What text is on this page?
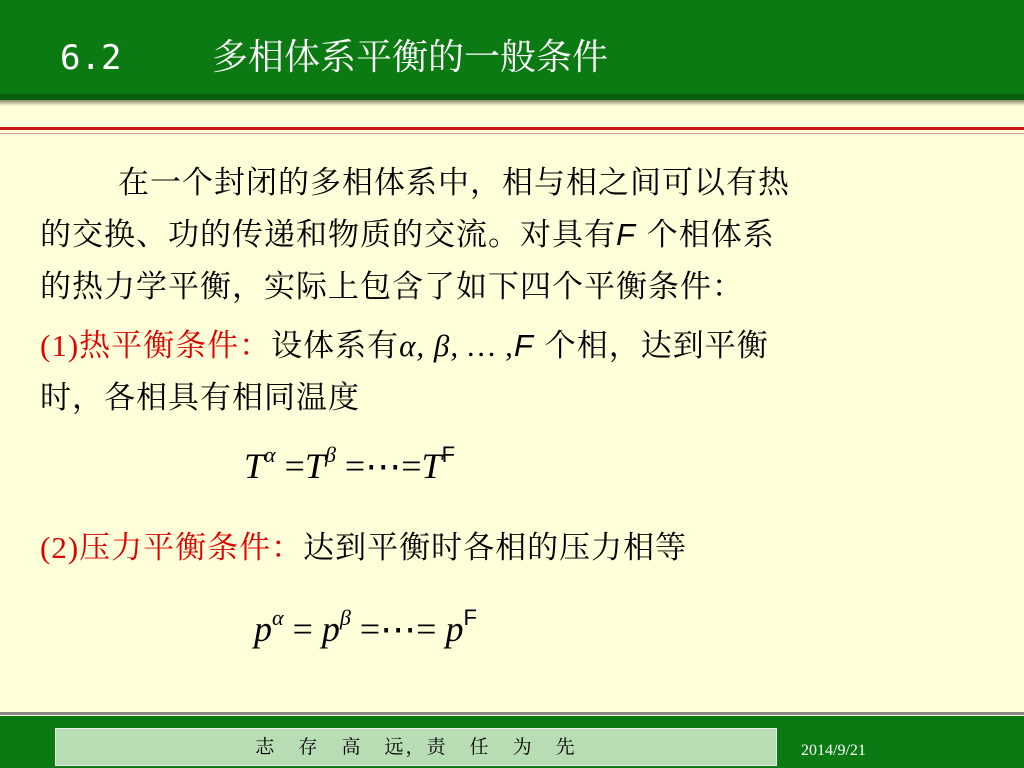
6.2	多相体系平衡的一般条件
在一个封闭的多相体系中，相与相之间可以有热
的交换、功的传递和物质的交流。对具有F 个相体系
的热力学平衡，实际上包含了如下四个平衡条件：
(1)热平衡条件：设体系有α, β, … ,F 个相，达到平衡
时，各相具有相同温度
$T^\alpha =T^\beta$ $=\cdots=T^F$
(2)压力平衡条件：达到平衡时各相的压力相等
$p^\alpha = p^\beta$ =⋯= $p^F$
志 存 高 远，责 任 为 先	2014/9/21
